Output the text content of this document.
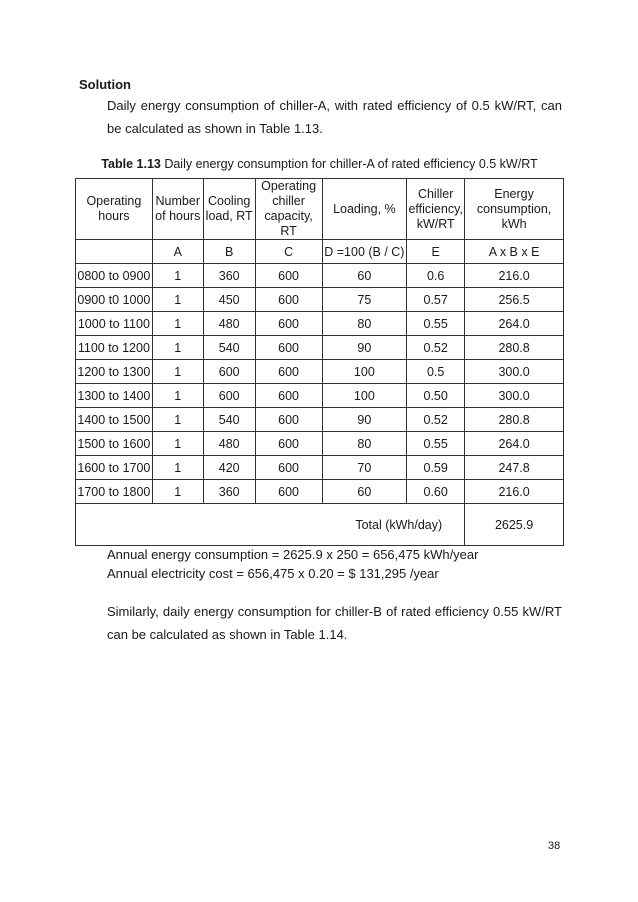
Solution
Daily energy consumption of chiller-A, with rated efficiency of 0.5 kW/RT, can be calculated as shown in Table 1.13.
Table 1.13 Daily energy consumption for chiller-A of rated efficiency 0.5 kW/RT
Operating hours	Number of hours	Cooling load, RT	Operating chiller capacity, RT	Loading, %	Chiller efficiency, kW/RT	Energy consumption, kWh
	A	B	C	D =100 (B / C)	E	A x B x E
0800 to 0900	1	360	600	60	0.6	216.0
0900 t0 1000	1	450	600	75	0.57	256.5
1000 to 1100	1	480	600	80	0.55	264.0
1100 to 1200	1	540	600	90	0.52	280.8
1200 to 1300	1	600	600	100	0.5	300.0
1300 to 1400	1	600	600	100	0.50	300.0
1400 to 1500	1	540	600	90	0.52	280.8
1500 to 1600	1	480	600	80	0.55	264.0
1600 to 1700	1	420	600	70	0.59	247.8
1700 to 1800	1	360	600	60	0.60	216.0
Total (kWh/day)						2625.9
Annual energy consumption = 2625.9 x 250 = 656,475 kWh/year
Annual electricity cost = 656,475 x 0.20 = $ 131,295 /year
Similarly, daily energy consumption for chiller-B of rated efficiency 0.55 kW/RT can be calculated as shown in Table 1.14.
38
